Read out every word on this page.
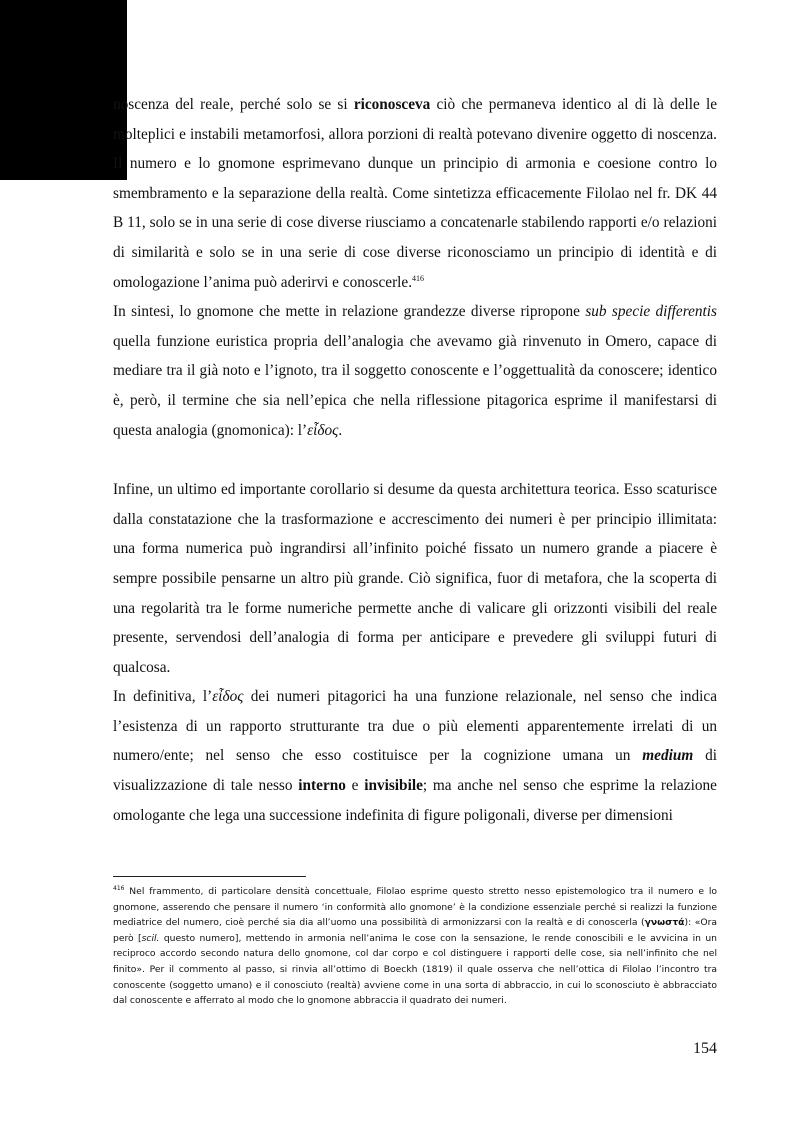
noscenza del reale, perché solo se si riconosceva ciò che permaneva identico al di là delle le molteplici e instabili metamorfosi, allora porzioni di realtà potevano divenire oggetto di noscenza. Il numero e lo gnomone esprimevano dunque un principio di armonia e coesione contro lo smembramento e la separazione della realtà. Come sintetizza efficacemente Filolao nel fr. DK 44 B 11, solo se in una serie di cose diverse riusciamo a concatenarle stabilendo rapporti e/o relazioni di similarità e solo se in una serie di cose diverse riconosciamo un principio di identità e di omologazione l’anima può aderirvi e conoscerle.$^{416}$

In sintesi, lo gnomone che mette in relazione grandezze diverse ripropone sub specie differentis quella funzione euristica propria dell’analogia che avevamo già rinvenuto in Omero, capace di mediare tra il già noto e l’ignoto, tra il soggetto conoscente e l’oggettualità da conoscere; identico è, però, il termine che sia nell’epica che nella riflessione pitagorica esprime il manifestarsi di questa analogia (gnomonica): l’εἶδος.

Infine, un ultimo ed importante corollario si desume da questa architettura teorica. Esso scaturisce dalla constatazione che la trasformazione e accrescimento dei numeri è per principio illimitata: una forma numerica può ingrandirsi all’infinito poiché fissato un numero grande a piacere è sempre possibile pensarne un altro più grande. Ciò significa, fuor di metafora, che la scoperta di una regolarità tra le forme numeriche permette anche di valicare gli orizzonti visibili del reale presente, servendosi dell’analogia di forma per anticipare e prevedere gli sviluppi futuri di qualcosa.

In definitiva, l’εἶδος dei numeri pitagorici ha una funzione relazionale, nel senso che indica l’esistenza di un rapporto strutturante tra due o più elementi apparentemente irrelati di un numero/ente; nel senso che esso costituisce per la cognizione umana un medium di visualizzazione di tale nesso interno e invisibile; ma anche nel senso che esprime la relazione omologante che lega una successione indefinita di figure poligonali, diverse per dimensioni

$^{416}$ Nel frammento, di particolare densità concettuale, Filolao esprime questo stretto nesso epistemologico tra il numero e lo gnomone, asserendo che pensare il numero ‘in conformità allo gnomone’ è la condizione essenziale perché si realizzi la funzione mediatrice del numero, cioè perché sia dia all’uomo una possibilità di armonizzarsi con la realtà e di conoscerla (γνωστά): «Ora però [scil. questo numero], mettendo in armonia nell’anima le cose con la sensazione, le rende conoscibili e le avvicina in un reciproco accordo secondo natura dello gnomone, col dar corpo e col distinguere i rapporti delle cose, sia nell’infinito che nel finito». Per il commento al passo, si rinvia all’ottimo di Boeckh (1819) il quale osserva che nell’ottica di Filolao l’incontro tra conoscente (soggetto umano) e il conosciuto (realtà) avviene come in una sorta di abbraccio, in cui lo sconosciuto è abbracciato dal conoscente e afferrato al modo che lo gnomone abbraccia il quadrato dei numeri.

154
